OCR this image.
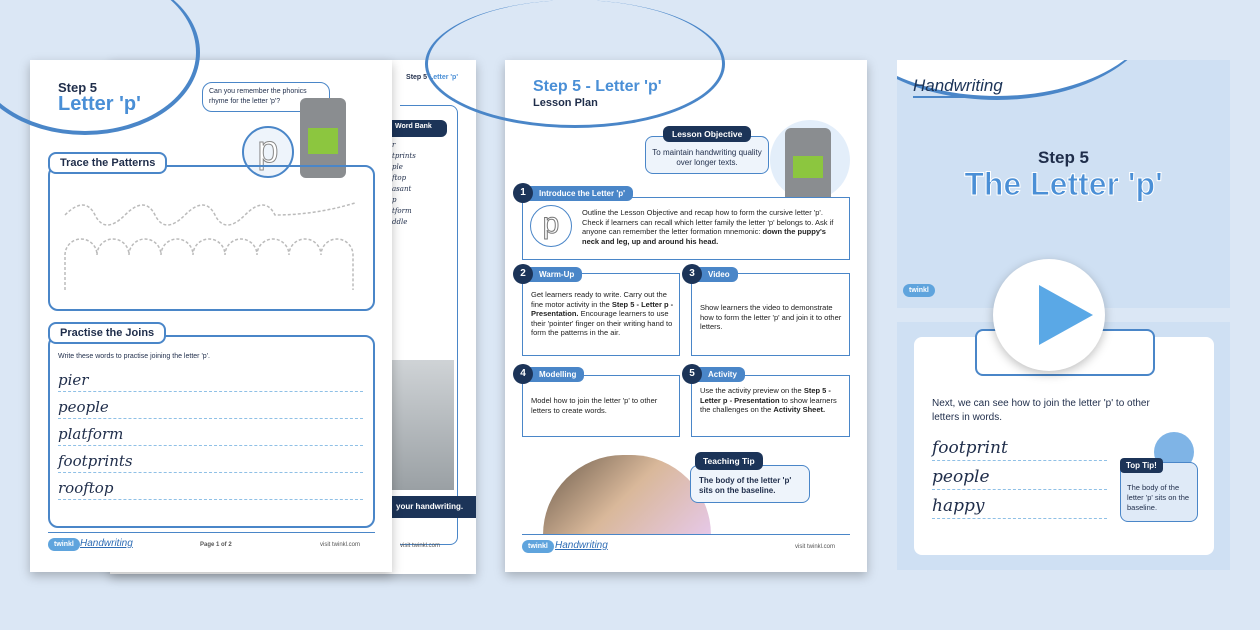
Step 5 Letter 'p'
Word Bank
r
tprints
ple
ftop
asant
p
tform
ddle
your handwriting.
visit twinkl.com
Step 5
Letter 'p'
Can you remember the phonics rhyme for the letter 'p'?
p
Trace the Patterns
Practise the Joins
Write these words to practise joining the letter 'p'.
pier
people
platform
footprints
rooftop
twinkl Handwriting	Page 1 of 2	visit twinkl.com
Step 5 - Letter 'p'
Lesson Plan
To maintain handwriting quality over longer texts.
Lesson Objective
Introduce the Letter 'p'
1
p	Outline the Lesson Objective and recap how to form the cursive letter 'p'. Check if learners can recall which letter family the letter 'p' belongs to. Ask if anyone can remember the letter formation mnemonic: down the puppy's neck and leg, up and around his head.
Warm-Up
2
Get learners ready to write. Carry out the fine motor activity in the Step 5 - Letter p - Presentation. Encourage learners to use their 'pointer' finger on their writing hand to form the patterns in the air.
Video
3
Show learners the video to demonstrate how to form the letter 'p' and join it to other letters.
Modelling
4
Model how to join the letter 'p' to other letters to create words.
Activity
5
Use the activity preview on the Step 5 - Letter p - Presentation to show learners the challenges on the Activity Sheet.
The body of the letter 'p' sits on the baseline.
Teaching Tip
twinkl Handwriting	visit twinkl.com
Handwriting
Step 5
The Letter 'p'
twinkl
Next, we can see how to join the letter 'p' to other letters in words.
footprint
people
happy
The body of the letter 'p' sits on the baseline.
Top Tip!
